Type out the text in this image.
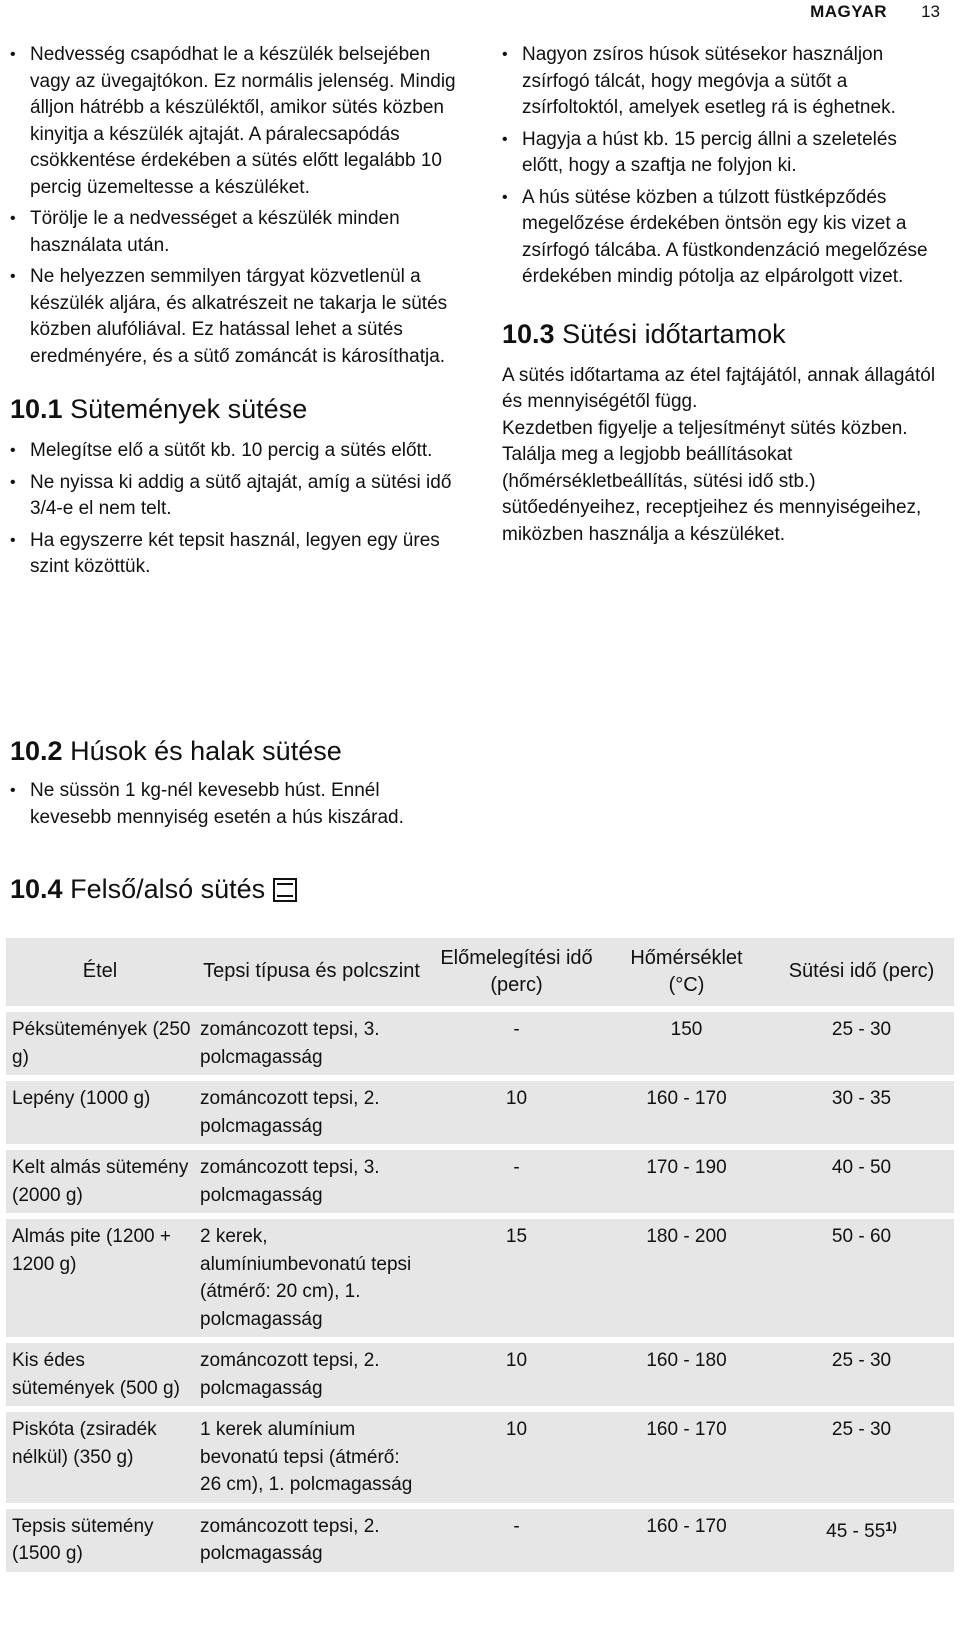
MAGYAR 13
• Nedvesség csapódhat le a készülék belsejében vagy az üvegajtókon. Ez normális jelenség. Mindig álljon hátrébb a készüléktől, amikor sütés közben kinyitja a készülék ajtaját. A páralecsapódás csökkentése érdekében a sütés előtt legalább 10 percig üzemeltesse a készüléket.
• Törölje le a nedvességet a készülék minden használata után.
• Ne helyezzen semmilyen tárgyat közvetlenül a készülék aljára, és alkatrészeit ne takarja le sütés közben alufóliával. Ez hatással lehet a sütés eredményére, és a sütő zománcát is károsíthatja.
10.1 Sütemények sütése
• Melegítse elő a sütőt kb. 10 percig a sütés előtt.
• Ne nyissa ki addig a sütő ajtaját, amíg a sütési idő 3/4-e el nem telt.
• Ha egyszerre két tepsit használ, legyen egy üres szint közöttük.
• Nagyon zsíros húsok sütésekor használjon zsírfogó tálcát, hogy megóvja a sütőt a zsírfoltoktól, amelyek esetleg rá is éghetnek.
• Hagyja a húst kb. 15 percig állni a szeletelés előtt, hogy a szaftja ne folyjon ki.
• A hús sütése közben a túlzott füstképződés megelőzése érdekében öntsön egy kis vizet a zsírfogó tálcába. A füstkondenzáció megelőzése érdekében mindig pótolja az elpárolgott vizet.
10.3 Sütési időtartamok

A sütés időtartama az étel fajtájától, annak állagától és mennyiségétől függ.

Kezdetben figyelje a teljesítményt sütés közben. Találja meg a legjobb beállításokat (hőmérsékletbeállítás, sütési idő stb.) sütőedényeihez, receptjeihez és mennyiségeihez, miközben használja a készüléket.

10.2 Húsok és halak sütése
• Ne süssön 1 kg-nél kevesebb húst. Ennél kevesebb mennyiség esetén a hús kiszárad.
10.4 Felső/alsó sütés
Étel	Tepsi típusa és polcszint	Előmelegítési idő (perc)	Hőmérséklet (°C)	Sütési idő (perc)
Péksütemények (250 g)	zománcozott tepsi, 3. polcmagasság	-	150	25 - 30
Lepény (1000 g)	zománcozott tepsi, 2. polcmagasság	10	160 - 170	30 - 35
Kelt almás sütemény (2000 g)	zománcozott tepsi, 3. polcmagasság	-	170 - 190	40 - 50
Almás pite (1200 + 1200 g)	2 kerek, alumíniumbevonatú tepsi (átmérő: 20 cm), 1. polcmagasság	15	180 - 200	50 - 60
Kis édes sütemények (500 g)	zománcozott tepsi, 2. polcmagasság	10	160 - 180	25 - 30
Piskóta (zsiradék nélkül) (350 g)	1 kerek alumínium bevonatú tepsi (átmérő: 26 cm), 1. polcmagasság	10	160 - 170	25 - 30
Tepsis sütemény (1500 g)	zománcozott tepsi, 2. polcmagasság	-	160 - 170	45 - 55$^{1)}$
